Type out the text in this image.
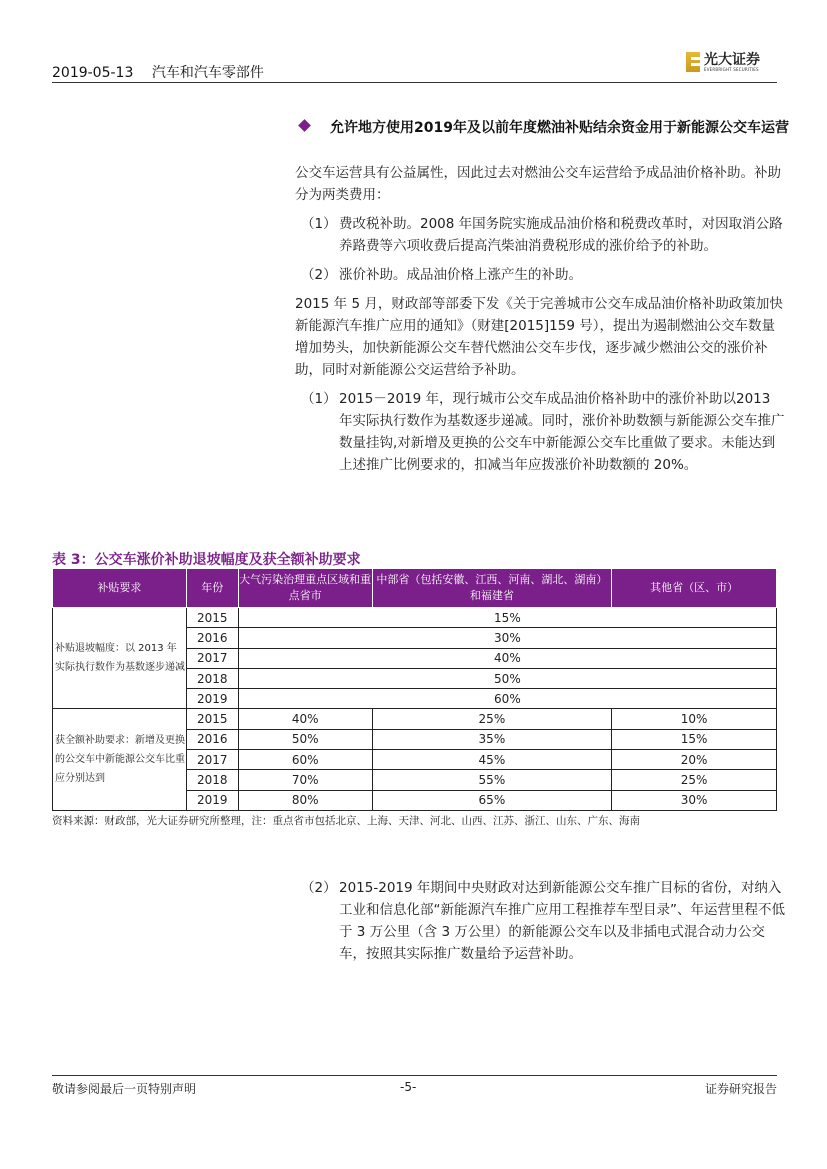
2019-05-13 汽车和汽车零部件
光大证券
EVERBRIGHT SECURITIES
允许地方使用2019年及以前年度燃油补贴结余资金用于新能源公交车运营
公交车运营具有公益属性，因此过去对燃油公交车运营给予成品油价格补助。补助分为两类费用：
（1） 费改税补助。2008 年国务院实施成品油价格和税费改革时，对因取消公路养路费等六项收费后提高汽柴油消费税形成的涨价给予的补助。
（2） 涨价补助。成品油价格上涨产生的补助。
2015 年 5 月，财政部等部委下发《关于完善城市公交车成品油价格补助政策加快新能源汽车推广应用的通知》（财建[2015]159 号），提出为遏制燃油公交车数量增加势头，加快新能源公交车替代燃油公交车步伐，逐步减少燃油公交的涨价补助，同时对新能源公交运营给予补助。
（1） 2015－2019 年，现行城市公交车成品油价格补助中的涨价补助以2013 年实际执行数作为基数逐步递减。同时，涨价补助数额与新能源公交车推广数量挂钩,对新增及更换的公交车中新能源公交车比重做了要求。未能达到上述推广比例要求的，扣减当年应拨涨价补助数额的 20%。
表 3：公交车涨价补助退坡幅度及获全额补助要求
补贴要求	年份	大气污染治理重点区域和重点省市	中部省（包括安徽、江西、河南、湖北、湖南）和福建省	其他省（区、市）
补贴退坡幅度：以 2013 年实际执行数作为基数逐步递减	2015	15%		
	2016	30%		
	2017	40%		
	2018	50%		
	2019	60%		
获全额补助要求：新增及更换的公交车中新能源公交车比重应分别达到	2015	40%	25%	10%
	2016	50%	35%	15%
	2017	60%	45%	20%
	2018	70%	55%	25%
	2019	80%	65%	30%
资料来源：财政部，光大证券研究所整理，注：重点省市包括北京、上海、天津、河北、山西、江苏、浙江、山东、广东、海南
（2） 2015-2019 年期间中央财政对达到新能源公交车推广目标的省份，对纳入工业和信息化部“新能源汽车推广应用工程推荐车型目录”、年运营里程不低于 3 万公里（含 3 万公里）的新能源公交车以及非插电式混合动力公交车，按照其实际推广数量给予运营补助。
敬请参阅最后一页特别声明	-5-	证券研究报告
